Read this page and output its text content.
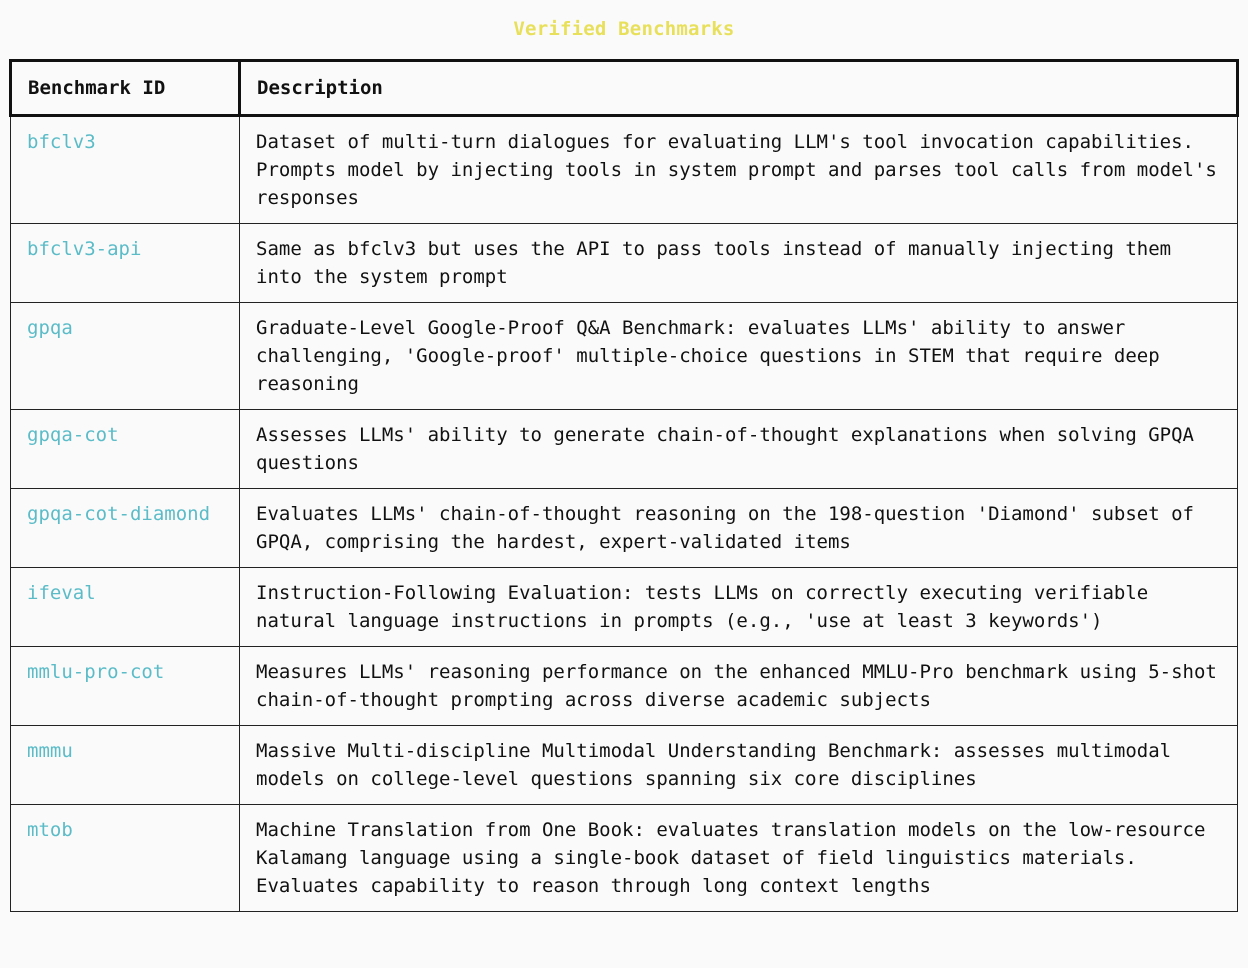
Verified Benchmarks
Benchmark ID	Description
bfclv3	Dataset of multi-turn dialogues for evaluating LLM's tool invocation capabilities. Prompts model by injecting tools in system prompt and parses tool calls from model's responses
bfclv3-api	Same as bfclv3 but uses the API to pass tools instead of manually injecting them into the system prompt
gpqa	Graduate-Level Google-Proof Q&A Benchmark: evaluates LLMs' ability to answer challenging, 'Google-proof' multiple-choice questions in STEM that require deep reasoning
gpqa-cot	Assesses LLMs' ability to generate chain-of-thought explanations when solving GPQA questions
gpqa-cot-diamond	Evaluates LLMs' chain-of-thought reasoning on the 198-question 'Diamond' subset of GPQA, comprising the hardest, expert-validated items
ifeval	Instruction-Following Evaluation: tests LLMs on correctly executing verifiable natural language instructions in prompts (e.g., 'use at least 3 keywords')
mmlu-pro-cot	Measures LLMs' reasoning performance on the enhanced MMLU-Pro benchmark using 5-shot chain-of-thought prompting across diverse academic subjects
mmmu	Massive Multi-discipline Multimodal Understanding Benchmark: assesses multimodal models on college-level questions spanning six core disciplines
mtob	Machine Translation from One Book: evaluates translation models on the low-resource Kalamang language using a single-book dataset of field linguistics materials. Evaluates capability to reason through long context lengths
